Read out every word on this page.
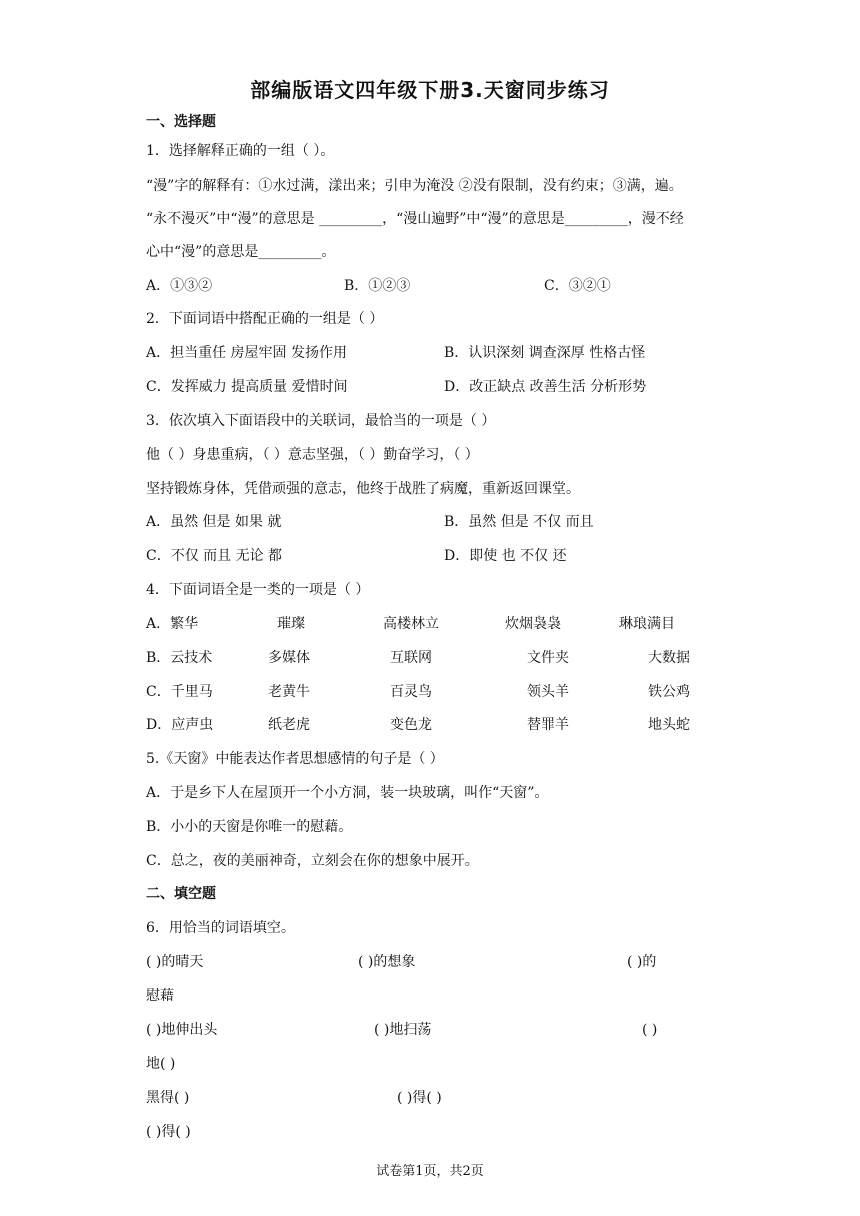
部编版语文四年级下册3.天窗同步练习
一、选择题
1．选择解释正确的一组（ ）。
“漫”字的解释有：①水过满，漾出来；引申为淹没 ②没有限制，没有约束；③满，遍。
“永不漫灭”中“漫”的意思是 _________，“漫山遍野”中“漫”的意思是_________，漫不经
心中“漫”的意思是_________。
A．①③②	B．①②③	C．③②①
2．下面词语中搭配正确的一组是（ ）
A．担当重任 房屋牢固 发扬作用	B．认识深刻 调查深厚 性格古怪
C．发挥威力 提高质量 爱惜时间	D．改正缺点 改善生活 分析形势
3．依次填入下面语段中的关联词，最恰当的一项是（ ）
他（ ）身患重病，（ ）意志坚强，（ ）勤奋学习，（ ）
坚持锻炼身体，凭借顽强的意志，他终于战胜了病魔，重新返回课堂。
A．虽然 但是 如果 就	B．虽然 但是 不仅 而且
C．不仅 而且 无论 都	D．即使 也 不仅 还
4．下面词语全是一类的一项是（ ）
A．繁华	璀璨	高楼林立	炊烟袅袅	琳琅满目
B．云技术	多媒体	互联网	文件夹	大数据
C．千里马	老黄牛	百灵鸟	领头羊	铁公鸡
D．应声虫	纸老虎	变色龙	替罪羊	地头蛇
5.《天窗》中能表达作者思想感情的句子是（ ）
A．于是乡下人在屋顶开一个小方洞，装一块玻璃，叫作“天窗”。
B．小小的天窗是你唯一的慰藉。
C．总之，夜的美丽神奇，立刻会在你的想象中展开。
二、填空题
6．用恰当的词语填空。
( )的晴天	( )的想象	( )的
慰藉
( )地伸出头	( )地扫荡	( )
地( )
黑得( )	( )得( )
( )得( )
试卷第1页，共2页
